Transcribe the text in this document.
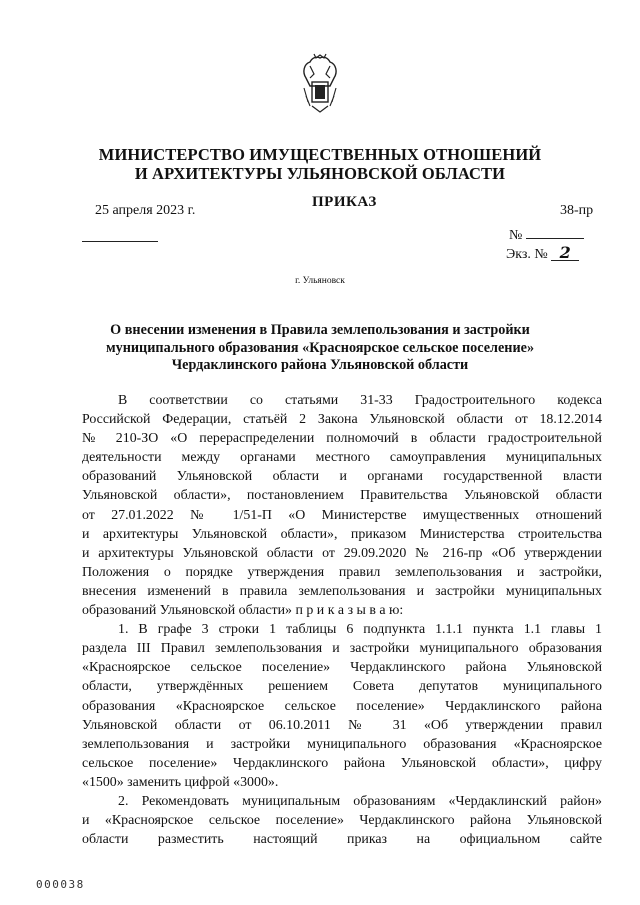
МИНИСТЕРСТВО ИМУЩЕСТВЕННЫХ ОТНОШЕНИЙ
И АРХИТЕКТУРЫ УЛЬЯНОВСКОЙ ОБЛАСТИ
ПРИКАЗ
25 апреля 2023 г.	38-пр
№
Экз. № 2
г. Ульяновск
О внесении изменения в Правила землепользования и застройки
муниципального образования «Красноярское сельское поселение»
Чердаклинского района Ульяновской области
В соответствии со статьями 31-33 Градостроительного кодекса
Российской Федерации, статьёй 2 Закона Ульяновской области от 18.12.2014
№ 210-ЗО «О перераспределении полномочий в области градостроительной
деятельности между органами местного самоуправления муниципальных
образований Ульяновской области и органами государственной власти
Ульяновской области», постановлением Правительства Ульяновской области
от 27.01.2022 № 1/51-П «О Министерстве имущественных отношений
и архитектуры Ульяновской области», приказом Министерства строительства
и архитектуры Ульяновской области от 29.09.2020 № 216-пр «Об утверждении
Положения о порядке утверждения правил землепользования и застройки,
внесения изменений в правила землепользования и застройки муниципальных
образований Ульяновской области» п р и к а з ы в а ю:
1. В графе 3 строки 1 таблицы 6 подпункта 1.1.1 пункта 1.1 главы 1
раздела III Правил землепользования и застройки муниципального образования
«Красноярское сельское поселение» Чердаклинского района Ульяновской
области, утверждённых решением Совета депутатов муниципального
образования «Красноярское сельское поселение» Чердаклинского района
Ульяновской области от 06.10.2011 № 31 «Об утверждении правил
землепользования и застройки муниципального образования «Красноярское
сельское поселение» Чердаклинского района Ульяновской области», цифру
«1500» заменить цифрой «3000».
2. Рекомендовать муниципальным образованиям «Чердаклинский район»
и «Красноярское сельское поселение» Чердаклинского района Ульяновской
области разместить настоящий приказ на официальном сайте
000038
